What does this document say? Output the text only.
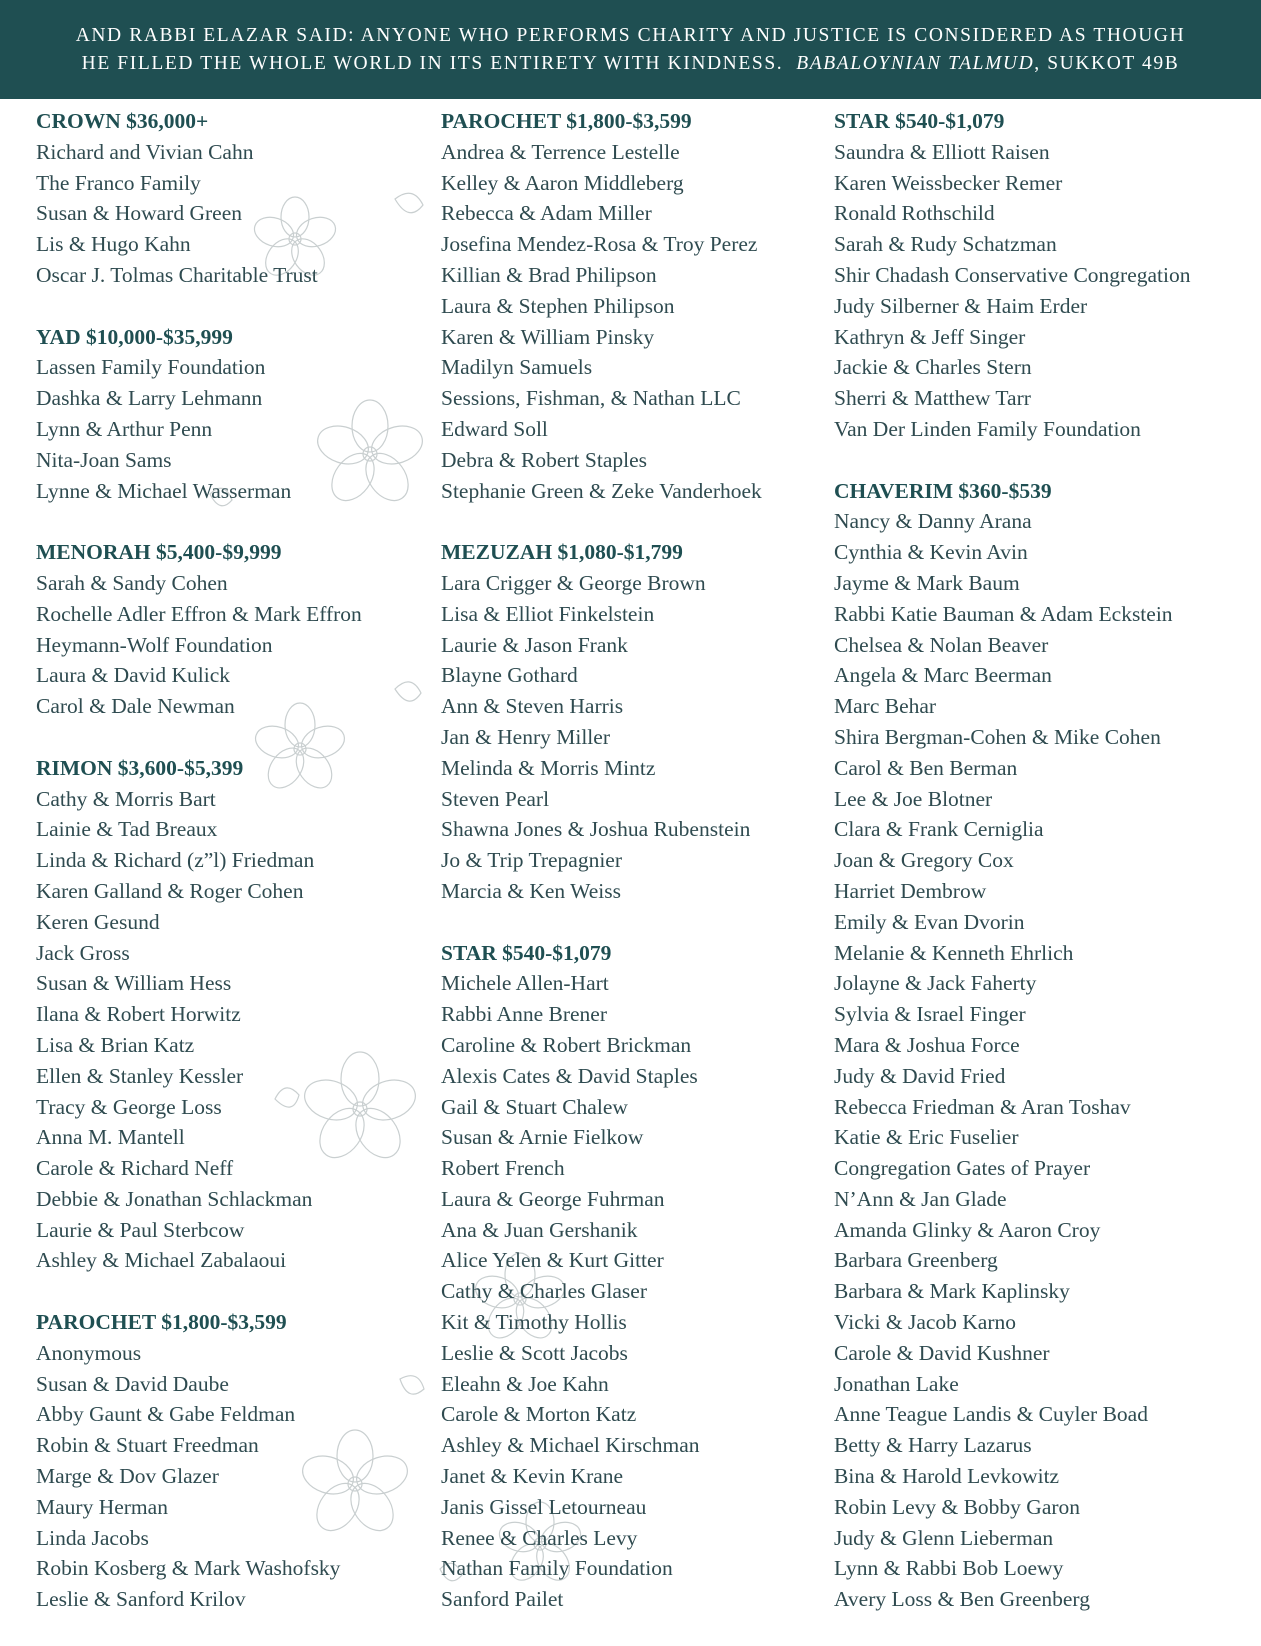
AND RABBI ELAZAR SAID: ANYONE WHO PERFORMS CHARITY AND JUSTICE IS CONSIDERED AS THOUGH
HE FILLED THE WHOLE WORLD IN ITS ENTIRETY WITH KINDNESS. BABALOYNIAN TALMUD, SUKKOT 49B
CROWN $36,000+
Richard and Vivian Cahn
The Franco Family
Susan & Howard Green
Lis & Hugo Kahn
Oscar J. Tolmas Charitable Trust
YAD $10,000-$35,999
Lassen Family Foundation
Dashka & Larry Lehmann
Lynn & Arthur Penn
Nita-Joan Sams
Lynne & Michael Wasserman
MENORAH $5,400-$9,999
Sarah & Sandy Cohen
Rochelle Adler Effron & Mark Effron
Heymann-Wolf Foundation
Laura & David Kulick
Carol & Dale Newman
RIMON $3,600-$5,399
Cathy & Morris Bart
Lainie & Tad Breaux
Linda & Richard (z”l) Friedman
Karen Galland & Roger Cohen
Keren Gesund
Jack Gross
Susan & William Hess
Ilana & Robert Horwitz
Lisa & Brian Katz
Ellen & Stanley Kessler
Tracy & George Loss
Anna M. Mantell
Carole & Richard Neff
Debbie & Jonathan Schlackman
Laurie & Paul Sterbcow
Ashley & Michael Zabalaoui
PAROCHET $1,800-$3,599
Anonymous
Susan & David Daube
Abby Gaunt & Gabe Feldman
Robin & Stuart Freedman
Marge & Dov Glazer
Maury Herman
Linda Jacobs
Robin Kosberg & Mark Washofsky
Leslie & Sanford Krilov
PAROCHET $1,800-$3,599
Andrea & Terrence Lestelle
Kelley & Aaron Middleberg
Rebecca & Adam Miller
Josefina Mendez-Rosa & Troy Perez
Killian & Brad Philipson
Laura & Stephen Philipson
Karen & William Pinsky
Madilyn Samuels
Sessions, Fishman, & Nathan LLC
Edward Soll
Debra & Robert Staples
Stephanie Green & Zeke Vanderhoek
MEZUZAH $1,080-$1,799
Lara Crigger & George Brown
Lisa & Elliot Finkelstein
Laurie & Jason Frank
Blayne Gothard
Ann & Steven Harris
Jan & Henry Miller
Melinda & Morris Mintz
Steven Pearl
Shawna Jones & Joshua Rubenstein
Jo & Trip Trepagnier
Marcia & Ken Weiss
STAR $540-$1,079
Michele Allen-Hart
Rabbi Anne Brener
Caroline & Robert Brickman
Alexis Cates & David Staples
Gail & Stuart Chalew
Susan & Arnie Fielkow
Robert French
Laura & George Fuhrman
Ana & Juan Gershanik
Alice Yelen & Kurt Gitter
Cathy & Charles Glaser
Kit & Timothy Hollis
Leslie & Scott Jacobs
Eleahn & Joe Kahn
Carole & Morton Katz
Ashley & Michael Kirschman
Janet & Kevin Krane
Janis Gissel Letourneau
Renee & Charles Levy
Nathan Family Foundation
Sanford Pailet
STAR $540-$1,079
Saundra & Elliott Raisen
Karen Weissbecker Remer
Ronald Rothschild
Sarah & Rudy Schatzman
Shir Chadash Conservative Congregation
Judy Silberner & Haim Erder
Kathryn & Jeff Singer
Jackie & Charles Stern
Sherri & Matthew Tarr
Van Der Linden Family Foundation
CHAVERIM $360-$539
Nancy & Danny Arana
Cynthia & Kevin Avin
Jayme & Mark Baum
Rabbi Katie Bauman & Adam Eckstein
Chelsea & Nolan Beaver
Angela & Marc Beerman
Marc Behar
Shira Bergman-Cohen & Mike Cohen
Carol & Ben Berman
Lee & Joe Blotner
Clara & Frank Cerniglia
Joan & Gregory Cox
Harriet Dembrow
Emily & Evan Dvorin
Melanie & Kenneth Ehrlich
Jolayne & Jack Faherty
Sylvia & Israel Finger
Mara & Joshua Force
Judy & David Fried
Rebecca Friedman & Aran Toshav
Katie & Eric Fuselier
Congregation Gates of Prayer
N’Ann & Jan Glade
Amanda Glinky & Aaron Croy
Barbara Greenberg
Barbara & Mark Kaplinsky
Vicki & Jacob Karno
Carole & David Kushner
Jonathan Lake
Anne Teague Landis & Cuyler Boad
Betty & Harry Lazarus
Bina & Harold Levkowitz
Robin Levy & Bobby Garon
Judy & Glenn Lieberman
Lynn & Rabbi Bob Loewy
Avery Loss & Ben Greenberg
